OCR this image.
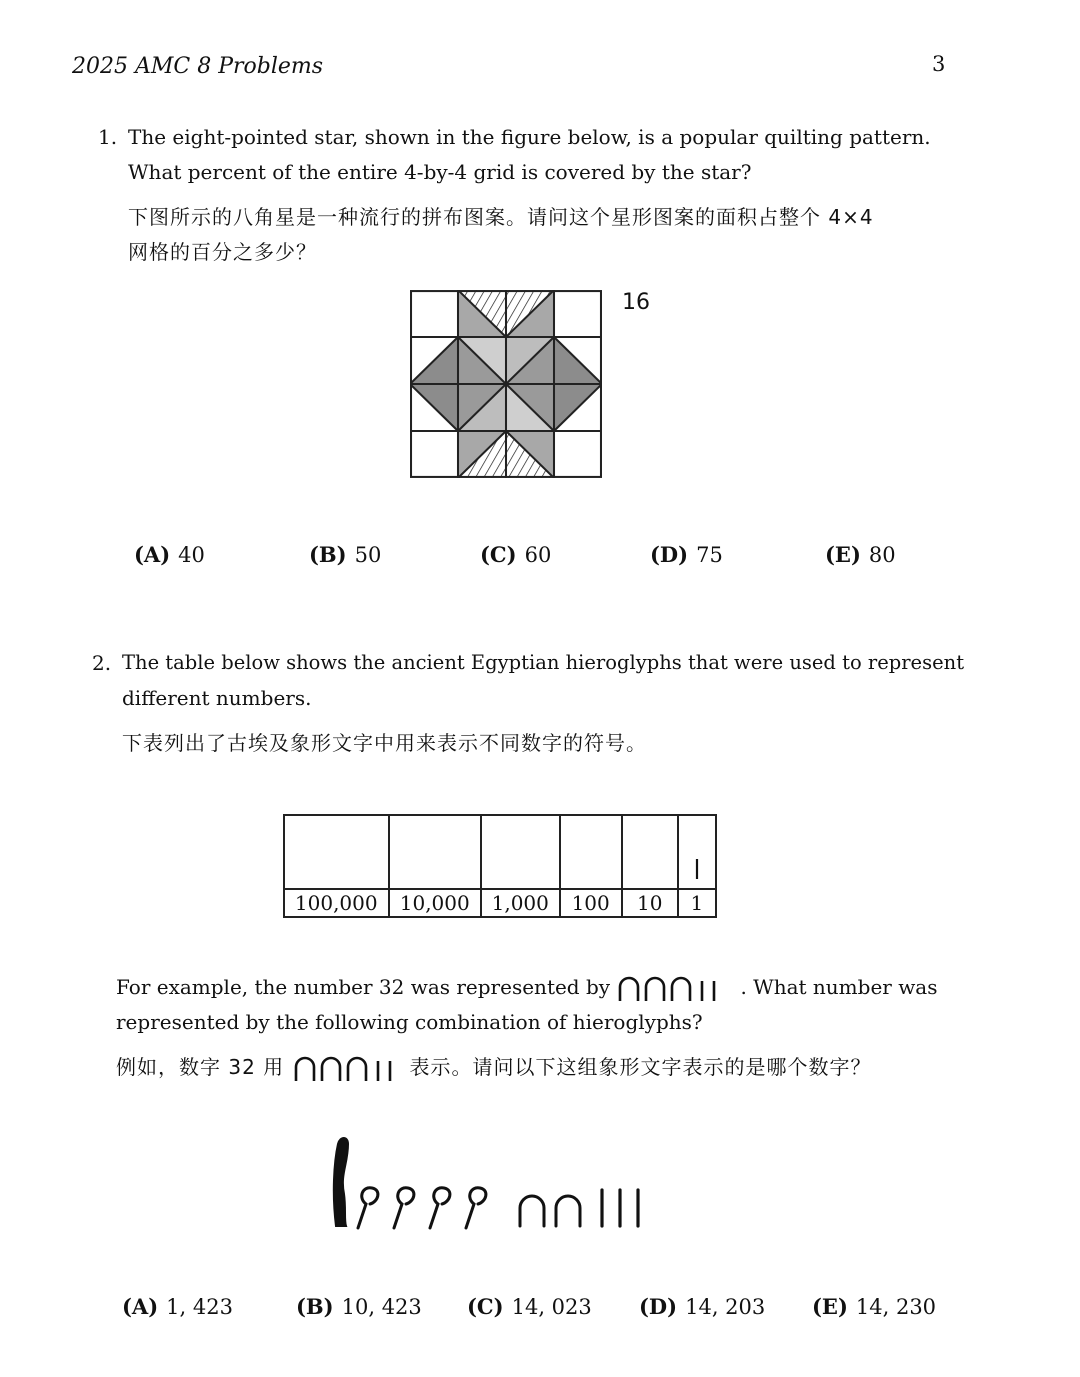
2025 AMC 8 Problems	3
1. The eight-pointed star, shown in the figure below, is a popular quilting pattern.
What percent of the entire 4-by-4 grid is covered by the star?
下图所示的八角星是一种流行的拼布图案。请问这个星形图案的面积占整个 4×4
网格的百分之多少？
16
(A) 40	(B) 50	(C) 60	(D) 75	(E) 80
2. The table below shows the ancient Egyptian hieroglyphs that were used to represent
different numbers.
下表列出了古埃及象形文字中用来表示不同数字的符号。

100,000	10,000	1,000	100	10	1
For example, the number 32 was represented by	. What number was
represented by the following combination of hieroglyphs?
例如，数字 32 用	表示。请问以下这组象形文字表示的是哪个数字？
(A) 1, 423	(B) 10, 423	(C) 14, 023	(D) 14, 203	(E) 14, 230
